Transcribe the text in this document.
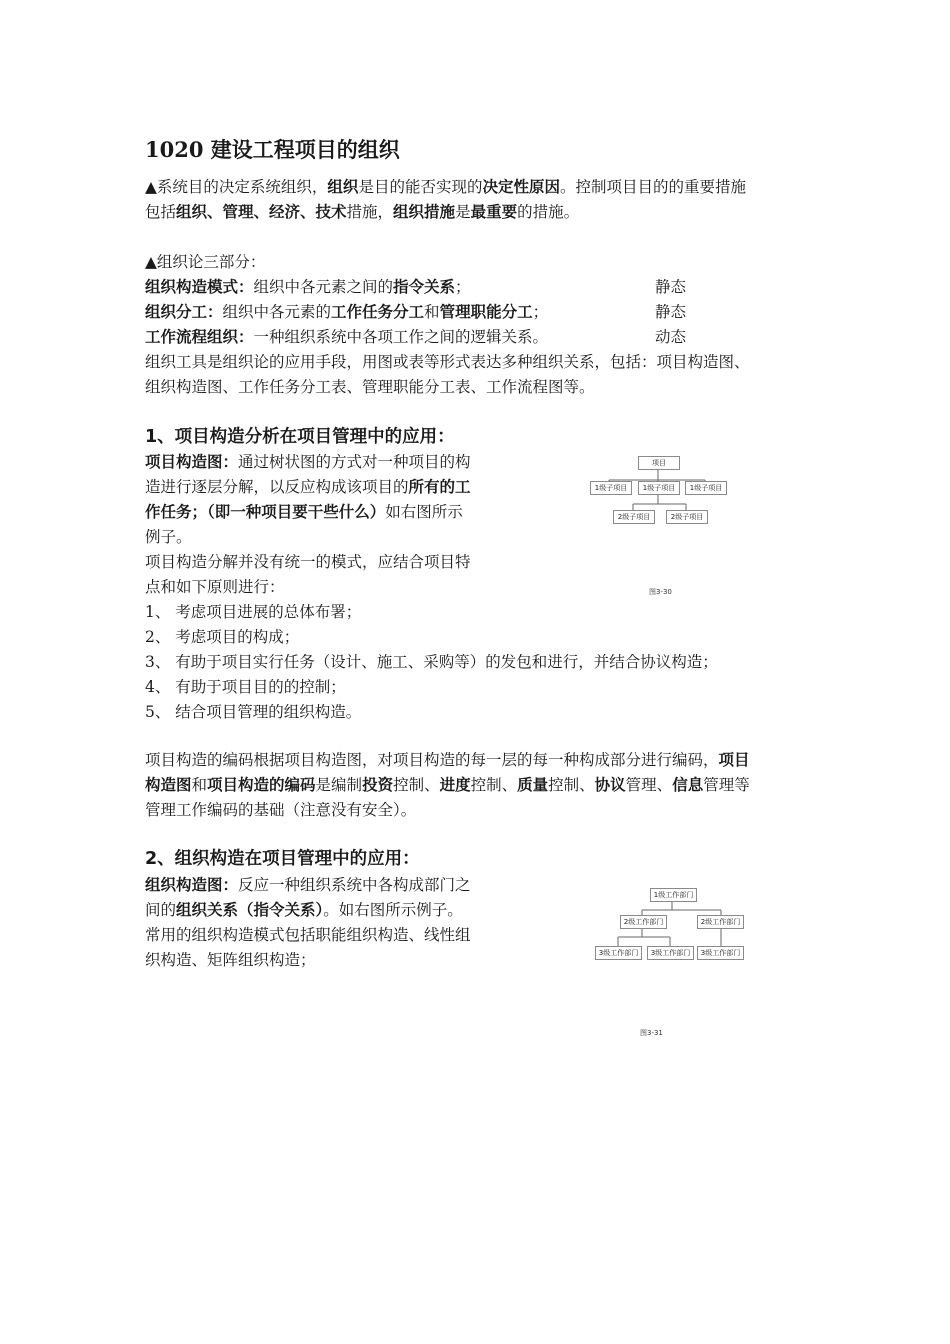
1020 建设工程项目的组织
▲系统目的决定系统组织，组织是目的能否实现的决定性原因。控制项目目的的重要措施
包括组织、管理、经济、技术措施，组织措施是最重要的措施。
▲组织论三部分：
组织构造模式：组织中各元素之间的指令关系；	静态
组织分工：组织中各元素的工作任务分工和管理职能分工；	静态
工作流程组织：一种组织系统中各项工作之间的逻辑关系。	动态
组织工具是组织论的应用手段，用图或表等形式表达多种组织关系，包括：项目构造图、
组织构造图、工作任务分工表、管理职能分工表、工作流程图等。
1、项目构造分析在项目管理中的应用：
项目构造图：通过树状图的方式对一种项目的构
造进行逐层分解，以反应构成该项目的所有的工
作任务；（即一种项目要干些什么）如右图所示
例子。
项目构造分解并没有统一的模式，应结合项目特
点和如下原则进行：
1、 考虑项目进展的总体布署；
2、 考虑项目的构成；
3、 有助于项目实行任务（设计、施工、采购等）的发包和进行，并结合协议构造；
4、 有助于项目目的的控制；
5、 结合项目管理的组织构造。
项目构造的编码根据项目构造图，对项目构造的每一层的每一种构成部分进行编码，项目
构造图和项目构造的编码是编制投资控制、进度控制、质量控制、协议管理、信息管理等
管理工作编码的基础（注意没有安全）。
项目
1级子项目	1级子项目	1级子项目
2级子项目	2级子项目
图3-30
2、组织构造在项目管理中的应用：
组织构造图：反应一种组织系统中各构成部门之
间的组织关系（指令关系）。如右图所示例子。
常用的组织构造模式包括职能组织构造、线性组
织构造、矩阵组织构造；
1级工作部门
2级工作部门	2级工作部门
3级工作部门	3级工作部门	3级工作部门
图3-31
